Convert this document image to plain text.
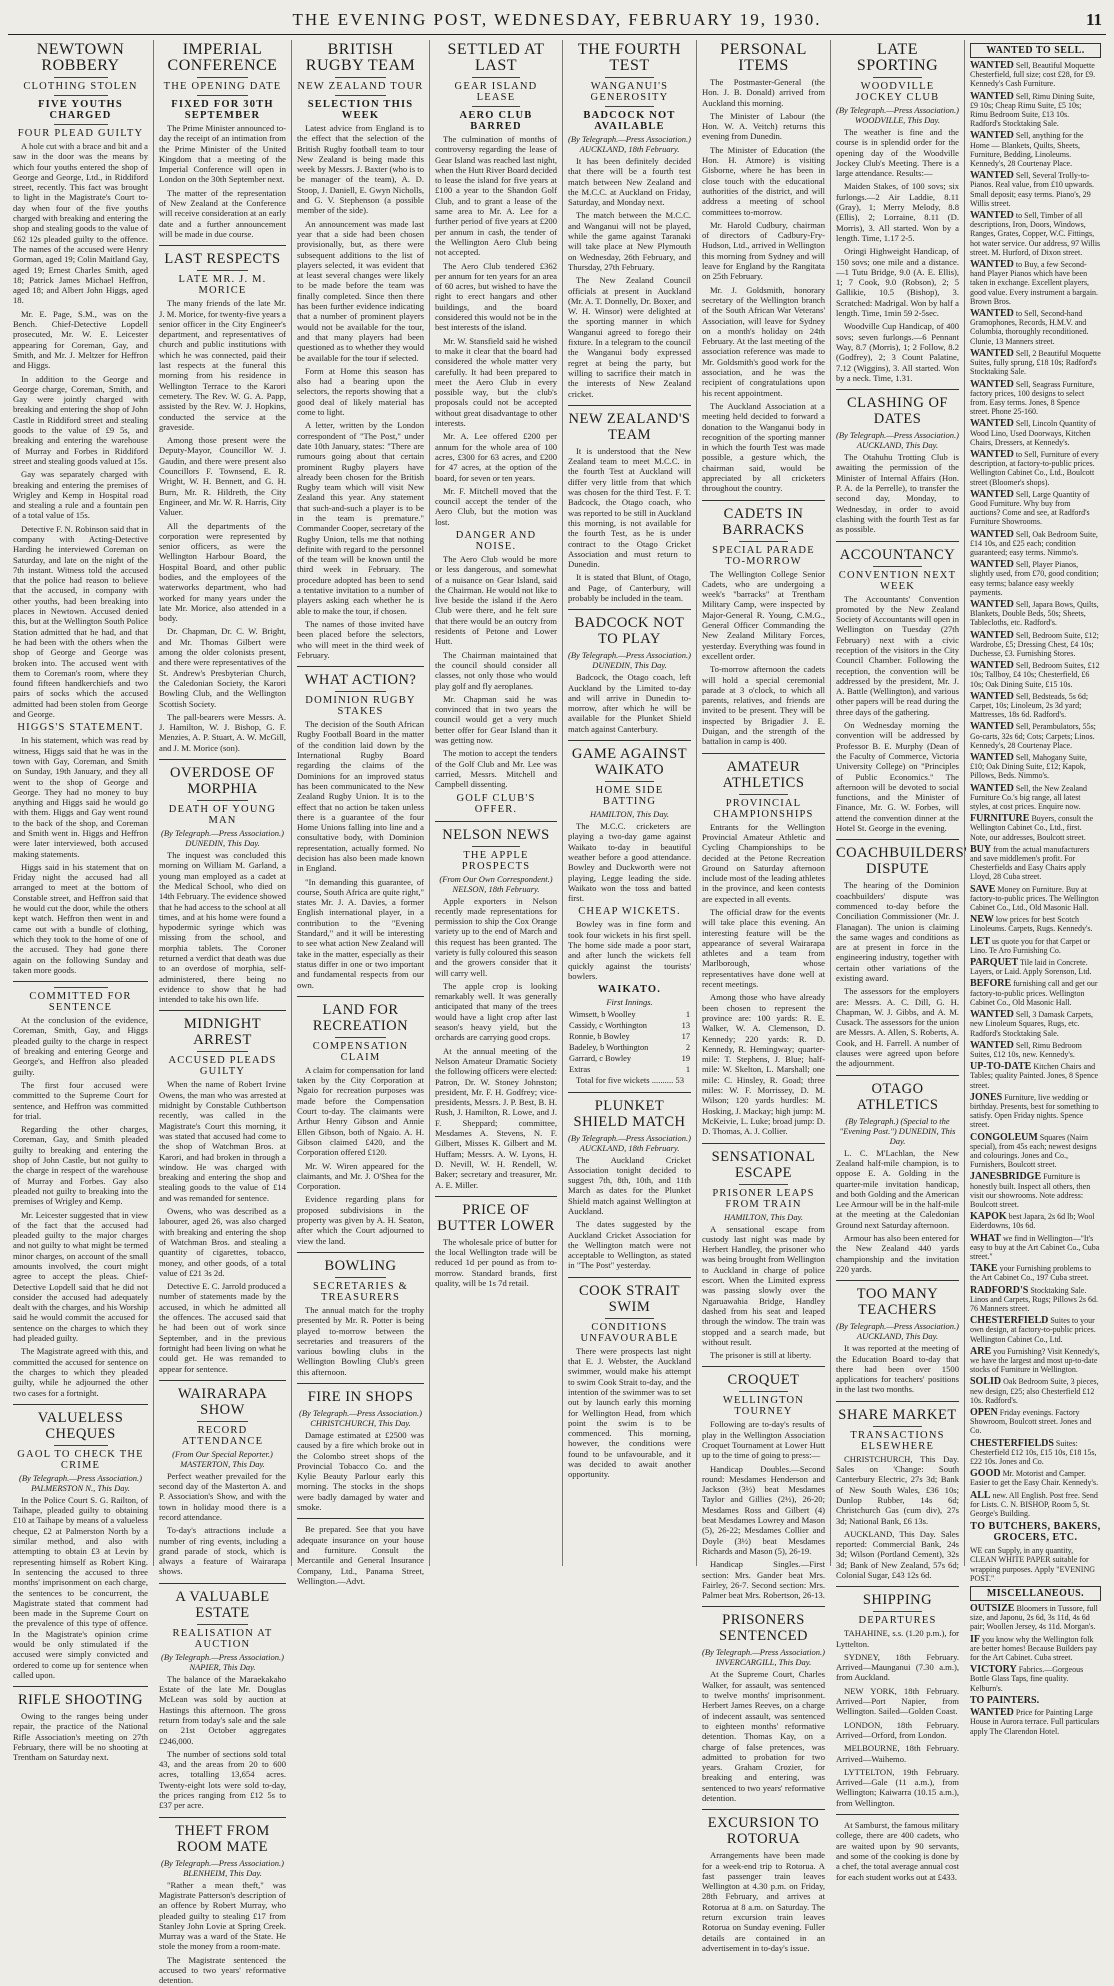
THE EVENING POST, WEDNESDAY, FEBRUARY 19, 1930.	11
NEWTOWN ROBBERY
CLOTHING STOLEN
FIVE YOUTHS CHARGED
FOUR PLEAD GUILTY

A hole cut with a brace and bit and a saw in the door was the means by which four youths entered the shop of George and George, Ltd., in Riddiford street, recently. This fact was brought to light in the Magistrate's Court to-day when four of the five youths charged with breaking and entering the shop and stealing goods to the value of £62 12s pleaded guilty to the offence. The names of the accused were Henry Gorman, aged 19; Colin Maitland Gay, aged 19; Ernest Charles Smith, aged 18; Patrick James Michael Heffron, aged 18; and Albert John Higgs, aged 18.

Mr. E. Page, S.M., was on the Bench. Chief-Detective Lopdell prosecuted, Mr. W. E. Leicester appearing for Coreman, Gay, and Smith, and Mr. J. Meltzer for Heffron and Higgs.

In addition to the George and George charge, Coreman, Smith, and Gay were jointly charged with breaking and entering the shop of John Castle in Riddiford street and stealing goods to the value of £9 5s, and breaking and entering the warehouse of Murray and Forbes in Riddiford street and stealing goods valued at 15s.

Gay was separately charged with breaking and entering the premises of Wrigley and Kemp in Hospital road and stealing a rule and a fountain pen of a total value of 15s.

Detective F. N. Robinson said that in company with Acting-Detective Harding he interviewed Coreman on Saturday, and late on the night of the 7th instant. Witness told the accused that the police had reason to believe that the accused, in company with other youths, had been breaking into places in Newtown. Accused denied this, but at the Wellington South Police Station admitted that he had, and that he had been with the others when the shop of George and George was broken into. The accused went with them to Coreman's room, where they found fifteen handkerchiefs and two pairs of socks which the accused admitted had been stolen from George and George.

HIGGS'S STATEMENT.

In his statement, which was read by witness, Higgs said that he was in the town with Gay, Coreman, and Smith on Sunday, 19th January, and they all went to the shop of George and George. They had no money to buy anything and Higgs said he would go with them. Higgs and Gay went round to the back of the shop, and Coreman and Smith went in. Higgs and Heffron were later interviewed, both accused making statements.

Higgs said in his statement that on Friday night the accused had all arranged to meet at the bottom of Constable street, and Heffron said that he would cut the door, while the others kept watch. Heffron then went in and came out with a bundle of clothing, which they took to the home of one of the accused. They had gone there again on the following Sunday and taken more goods.

COMMITTED FOR SENTENCE

At the conclusion of the evidence, Coreman, Smith, Gay, and Higgs pleaded guilty to the charge in respect of breaking and entering George and George's, and Heffron also pleaded guilty.

The first four accused were committed to the Supreme Court for sentence, and Heffron was committed for trial.

Regarding the other charges, Coreman, Gay, and Smith pleaded guilty to breaking and entering the shop of John Castle, but not guilty to the charge in respect of the warehouse of Murray and Forbes. Gay also pleaded not guilty to breaking into the premises of Wrigley and Kemp.

Mr. Leicester suggested that in view of the fact that the accused had pleaded guilty to the major charges and not guilty to what might be termed minor charges, on account of the small amounts involved, the court might agree to accept the pleas. Chief-Detective Lopdell said that he did not consider the accused had adequately dealt with the charges, and his Worship said he would commit the accused for sentence on the charges to which they had pleaded guilty.

The Magistrate agreed with this, and committed the accused for sentence on the charges to which they pleaded guilty, while he adjourned the other two cases for a fortnight.

VALUELESS CHEQUES
GAOL TO CHECK THE CRIME
(By Telegraph.—Press Association.) PALMERSTON N., This Day.

In the Police Court S. G. Railton, of Taihape, pleaded guilty to obtaining £10 at Taihape by means of a valueless cheque, £2 at Palmerston North by a similar method, and also with attempting to obtain £3 at Levin by representing himself as Robert King. In sentencing the accused to three months' imprisonment on each charge, the sentences to be concurrent, the Magistrate stated that comment had been made in the Supreme Court on the prevalence of this type of offence. In the Magistrate's opinion crime would be only stimulated if the accused were simply convicted and ordered to come up for sentence when called upon.

RIFLE SHOOTING

Owing to the ranges being under repair, the practice of the National Rifle Association's meeting on 27th February, there will be no shooting at Trentham on Saturday next.

IMPERIAL CONFERENCE
THE OPENING DATE
FIXED FOR 30TH SEPTEMBER

The Prime Minister announced to-day the receipt of an intimation from the Prime Minister of the United Kingdom that a meeting of the Imperial Conference will open in London on the 30th September next.

The matter of the representation of New Zealand at the Conference will receive consideration at an early date and a further announcement will be made in due course.

LAST RESPECTS
LATE MR. J. M. MORICE

The many friends of the late Mr. J. M. Morice, for twenty-five years a senior officer in the City Engineer's department, and representatives of church and public institutions with which he was connected, paid their last respects at the funeral this morning from his residence in Wellington Terrace to the Karori cemetery. The Rev. W. G. A. Papp, assisted by the Rev. W. J. Hopkins, conducted the service at the graveside.

Among those present were the Deputy-Mayor, Councillor W. J. Gaudin, and there were present also Councillors F. Townsend, E. R. Wright, W. H. Bennett, and G. H. Burn, Mr. R. Hildreth, the City Engineer, and Mr. W. R. Harris, City Valuer.

All the departments of the corporation were represented by senior officers, as were the Wellington Harbour Board, the Hospital Board, and other public bodies, and the employees of the waterworks department, who had worked for many years under the late Mr. Morice, also attended in a body.

Dr. Chapman, Dr. C. W. Bright, and Mr. Thomas Gilbert were among the older colonists present, and there were representatives of the St. Andrew's Presbyterian Church, the Caledonian Society, the Karori Bowling Club, and the Wellington Scottish Society.

The pall-bearers were Messrs. A. J. Hamilton, W. J. Bishop, G. F. Menzies, A. P. Stuart, A. W. McGill, and J. M. Morice (son).

OVERDOSE OF MORPHIA
DEATH OF YOUNG MAN
(By Telegraph.—Press Association.) DUNEDIN, This Day.

The inquest was concluded this morning on William M. Garland, a young man employed as a cadet at the Medical School, who died on 14th February. The evidence showed that he had access to the school at all times, and at his home were found a hypodermic syringe which was missing from the school, and morphia tablets. The Coroner returned a verdict that death was due to an overdose of morphia, self-administered, there being no evidence to show that he had intended to take his own life.

MIDNIGHT ARREST
ACCUSED PLEADS GUILTY

When the name of Robert Irvine Owens, the man who was arrested at midnight by Constable Cuthbertson recently, was called in the Magistrate's Court this morning, it was stated that accused had come to the shop of Watchman Bros. at Karori, and had broken in through a window. He was charged with breaking and entering the shop and stealing goods to the value of £14 and was remanded for sentence.

Owens, who was described as a labourer, aged 26, was also charged with breaking and entering the shop of Watchman Bros. and stealing a quantity of cigarettes, tobacco, money, and other goods, of a total value of £21 3s 2d.

Detective E. C. Jarrold produced a number of statements made by the accused, in which he admitted all the offences. The accused said that he had been out of work since September, and in the previous fortnight had been living on what he could get. He was remanded to appear for sentence.

WAIRARAPA SHOW
RECORD ATTENDANCE
(From Our Special Reporter.) MASTERTON, This Day.

Perfect weather prevailed for the second day of the Masterton A. and P. Association's Show, and with the town in holiday mood there is a record attendance.

To-day's attractions include a number of ring events, including a grand parade of stock, which is always a feature of Wairarapa shows.

A VALUABLE ESTATE
REALISATION AT AUCTION
(By Telegraph.—Press Association.) NAPIER, This Day.

The balance of the Maraekakaho Estate of the late Mr. Douglas McLean was sold by auction at Hastings this afternoon. The gross return from today's sale and the sale on 21st October aggregates £246,000.

The number of sections sold total 43, and the areas from 20 to 600 acres, totalling 13,654 acres. Twenty-eight lots were sold to-day, the prices ranging from £12 5s to £37 per acre.

THEFT FROM ROOM MATE
(By Telegraph.—Press Association.) BLENHEIM, This Day.

"Rather a mean theft," was Magistrate Patterson's description of an offence by Robert Murray, who pleaded guilty to stealing £17 from Stanley John Lovie at Spring Creek. Murray was a ward of the State. He stole the money from a room-mate.

The Magistrate sentenced the accused to two years' reformative detention.

BRITISH RUGBY TEAM
NEW ZEALAND TOUR
SELECTION THIS WEEK

Latest advice from England is to the effect that the selection of the British Rugby football team to tour New Zealand is being made this week by Messrs. J. Baxter (who is to be manager of the team), A. D. Stoop, J. Daniell, E. Gwyn Nicholls, and G. V. Stephenson (a possible member of the side).

An announcement was made last year that a side had been chosen provisionally, but, as there were subsequent additions to the list of players selected, it was evident that at least several changes were likely to be made before the team was finally completed. Since then there has been further evidence indicating that a number of prominent players would not be available for the tour, and that many players had been questioned as to whether they would be available for the tour if selected.

Form at Home this season has also had a bearing upon the selectors, the reports showing that a good deal of likely material has come to light.

A letter, written by the London correspondent of "The Post," under date 10th January, states: "There are rumours going about that certain prominent Rugby players have already been chosen for the British Rugby team which will visit New Zealand this year. Any statement that such-and-such a player is to be in the team is premature." Commander Cooper, secretary of the Rugby Union, tells me that nothing definite with regard to the personnel of the team will be known until the third week in February. The procedure adopted has been to send a tentative invitation to a number of players asking each whether he is able to make the tour, if chosen.

The names of those invited have been placed before the selectors, who will meet in the third week of February.

WHAT ACTION?
DOMINION RUGBY STAKES

The decision of the South African Rugby Football Board in the matter of the condition laid down by the International Rugby Board regarding the claims of the Dominions for an improved status has been communicated to the New Zealand Rugby Union. It is to the effect that no action be taken unless there is a guarantee of the four Home Unions falling into line and a consultative body, with Dominion representation, actually formed. No decision has also been made known in England.

"In demanding this guarantee, of course, South Africa are quite right," states Mr. J. A. Davies, a former English international player, in a contribution to the "Evening Standard," and it will be interesting to see what action New Zealand will take in the matter, especially as their status differ in one or two important and fundamental respects from our own.

LAND FOR RECREATION
COMPENSATION CLAIM

A claim for compensation for land taken by the City Corporation at Ngaio for recreation purposes was made before the Compensation Court to-day. The claimants were Arthur Henry Gibson and Annie Ellen Gibson, both of Ngaio. A. H. Gibson claimed £420, and the Corporation offered £120.

Mr. W. Wiren appeared for the claimants, and Mr. J. O'Shea for the Corporation.

Evidence regarding plans for proposed subdivisions in the property was given by A. H. Seaton, after which the Court adjourned to view the land.

BOWLING
SECRETARIES & TREASURERS

The annual match for the trophy presented by Mr. R. Potter is being played to-morrow between the secretaries and treasurers of the various bowling clubs in the Wellington Bowling Club's green this afternoon.

FIRE IN SHOPS
(By Telegraph.—Press Association.) CHRISTCHURCH, This Day.

Damage estimated at £2500 was caused by a fire which broke out in the Colombo street shops of the Provincial Tobacco Co. and the Kylie Beauty Parlour early this morning. The stocks in the shops were badly damaged by water and smoke.

Be prepared. See that you have adequate insurance on your house and furniture. Consult the Mercantile and General Insurance Company, Ltd., Panama Street, Wellington.—Advt.

SETTLED AT LAST
GEAR ISLAND LEASE
AERO CLUB BARRED

The culmination of months of controversy regarding the lease of Gear Island was reached last night, when the Hutt River Board decided to lease the island for five years at £100 a year to the Shandon Golf Club, and to grant a lease of the same area to Mr. A. Lee for a further period of five years at £200 per annum in cash, the tender of the Wellington Aero Club being not accepted.

The Aero Club tendered £362 per annum for ten years for an area of 60 acres, but wished to have the right to erect hangars and other buildings, and the board considered this would not be in the best interests of the island.

Mr. W. Stansfield said he wished to make it clear that the board had considered the whole matter very carefully. It had been prepared to meet the Aero Club in every possible way, but the club's proposals could not be accepted without great disadvantage to other interests.

Mr. A. Lee offered £200 per annum for the whole area of 100 acres, £300 for 63 acres, and £200 for 47 acres, at the option of the board, for seven or ten years.

Mr. F. Mitchell moved that the council accept the tender of the Aero Club, but the motion was lost.

DANGER AND NOISE.

The Aero Club would be more or less dangerous, and somewhat of a nuisance on Gear Island, said the Chairman. He would not like to live beside the island if the Aero Club were there, and he felt sure that there would be an outcry from residents of Petone and Lower Hutt.

The Chairman maintained that the council should consider all classes, not only those who would play golf and fly aeroplanes.

Mr. Chapman said he was convinced that in two years the council would get a very much better offer for Gear Island than it was getting now.

The motion to accept the tenders of the Golf Club and Mr. Lee was carried, Messrs. Mitchell and Campbell dissenting.

GOLF CLUB'S OFFER.

NELSON NEWS
THE APPLE PROSPECTS
(From Our Own Correspondent.) NELSON, 18th February.

Apple exporters in Nelson recently made representations for permission to ship the Cox Orange variety up to the end of March and this request has been granted. The variety is fully coloured this season and the growers consider that it will carry well.

The apple crop is looking remarkably well. It was generally anticipated that many of the trees would have a light crop after last season's heavy yield, but the orchards are carrying good crops.

At the annual meeting of the Nelson Amateur Dramatic Society the following officers were elected: Patron, Dr. W. Stoney Johnston; president, Mr. F. H. Godfrey; vice-presidents, Messrs. J. P. Best, B. H. Rush, J. Hamilton, R. Lowe, and J. F. Sheppard; committee, Mesdames A. Stevens, N. F. Gilbert, Misses K. Gilbert and M. Huffam; Messrs. A. W. Lyons, H. D. Nevill, W. H. Rendell, W. Baker; secretary and treasurer, Mr. A. E. Miller.

PRICE OF BUTTER LOWER

The wholesale price of butter for the local Wellington trade will be reduced 1d per pound as from to-morrow. Standard brands, first quality, will be 1s 7d retail.

THE FOURTH TEST
WANGANUI'S GENEROSITY
BADCOCK NOT AVAILABLE
(By Telegraph.—Press Association.) AUCKLAND, 18th February.

It has been definitely decided that there will be a fourth test match between New Zealand and the M.C.C. at Auckland on Friday, Saturday, and Monday next.

The match between the M.C.C. and Wanganui will not be played, while the game against Taranaki will take place at New Plymouth on Wednesday, 26th February, and Thursday, 27th February.

The New Zealand Council officials at present in Auckland (Mr. A. T. Donnelly, Dr. Boxer, and W. H. Winsor) were delighted at the sporting manner in which Wanganui agreed to forego their fixture. In a telegram to the council the Wanganui body expressed regret at being the party, but willing to sacrifice their match in the interests of New Zealand cricket.

NEW ZEALAND'S TEAM

It is understood that the New Zealand team to meet M.C.C. in the fourth Test at Auckland will differ very little from that which was chosen for the third Test. F. T. Badcock, the Otago coach, who was reported to be still in Auckland this morning, is not available for the fourth Test, as he is under contract to the Otago Cricket Association and must return to Dunedin.

It is stated that Blunt, of Otago, and Page, of Canterbury, will probably be included in the team.

BADCOCK NOT TO PLAY
(By Telegraph.—Press Association.) DUNEDIN, This Day.

Badcock, the Otago coach, left Auckland by the Limited to-day and will arrive in Dunedin to-morrow, after which he will be available for the Plunket Shield match against Canterbury.

GAME AGAINST WAIKATO
HOME SIDE BATTING
HAMILTON, This Day.

The M.C.C. cricketers are playing a two-day game against Waikato to-day in beautiful weather before a good attendance. Bowley and Duckworth were not playing, Legge leading the side. Waikato won the toss and batted first.

CHEAP WICKETS.

Bowley was in fine form and took four wickets in his first spell. The home side made a poor start, and after lunch the wickets fell quickly against the tourists' bowlers.

WAIKATO.
First Innings.
Wimsett, b Woolley	1
Cassidy, c Worthington	13
Ronnie, b Bowley	17
Badeley, b Worthington	2
Garrard, c Bowley	19
Extras	1
Total for five wickets .......... 53
PLUNKET SHIELD MATCH
(By Telegraph.—Press Association.) AUCKLAND, 18th February.

The Auckland Cricket Association tonight decided to suggest 7th, 8th, 10th, and 11th March as dates for the Plunket Shield match against Wellington at Auckland.

The dates suggested by the Auckland Cricket Association for the Wellington match were not acceptable to Wellington, as stated in "The Post" yesterday.

COOK STRAIT SWIM
CONDITIONS UNFAVOURABLE

There were prospects last night that E. J. Webster, the Auckland swimmer, would make his attempt to swim Cook Strait to-day, and the intention of the swimmer was to set out by launch early this morning for Wellington Head, from which point the swim is to be commenced. This morning, however, the conditions were found to be unfavourable, and it was decided to await another opportunity.

PERSONAL ITEMS

The Postmaster-General (the Hon. J. B. Donald) arrived from Auckland this morning.

The Minister of Labour (the Hon. W. A. Veitch) returns this evening from Dunedin.

The Minister of Education (the Hon. H. Atmore) is visiting Gisborne, where he has been in close touch with the educational authorities of the district, and will address a meeting of school committees to-morrow.

Mr. Harold Cudbury, chairman of directors of Cadbury-Fry-Hudson, Ltd., arrived in Wellington this morning from Sydney and will leave for England by the Rangitata on 25th February.

Mr. J. Goldsmith, honorary secretary of the Wellington branch of the South African War Veterans' Association, will leave for Sydney on a month's holiday on 24th February. At the last meeting of the association reference was made to Mr. Goldsmith's good work for the association, and he was the recipient of congratulations upon his recent appointment.

The Auckland Association at a meeting held decided to forward a donation to the Wanganui body in recognition of the sporting manner in which the fourth Test was made possible, a gesture which, the chairman said, would be appreciated by all cricketers throughout the country.

CADETS IN BARRACKS
SPECIAL PARADE TO-MORROW

The Wellington College Senior Cadets, who are undergoing a week's "barracks" at Trentham Military Camp, were inspected by Major-General R. Young, C.M.G., General Officer Commanding the New Zealand Military Forces, yesterday. Everything was found in excellent order.

To-morrow afternoon the cadets will hold a special ceremonial parade at 3 o'clock, to which all parents, relatives, and friends are invited to be present. They will be inspected by Brigadier J. E. Duigan, and the strength of the battalion in camp is 400.

AMATEUR ATHLETICS
PROVINCIAL CHAMPIONSHIPS

Entrants for the Wellington Provincial Amateur Athletic and Cycling Championships to be decided at the Petone Recreation Ground on Saturday afternoon include most of the leading athletes in the province, and keen contests are expected in all events.

The official draw for the events will take place this evening. An interesting feature will be the appearance of several Wairarapa athletes and a team from Marlborough, whose representatives have done well at recent meetings.

Among those who have already been chosen to represent the province are: 100 yards: R. E. Walker, W. A. Clemenson, D. Kennedy; 220 yards: R. D. Kennedy, R. Hemingway; quarter-mile: T. Stephens, J. Blue; half-mile: W. Skelton, L. Marshall; one mile: C. Hinsley, R. Goad; three miles: W. F. Morrissey, D. M. Wilson; 120 yards hurdles: M. Hosking, J. Mackay; high jump: M. McKeivie, L. Luke; broad jump: D. D. Thomas, A. J. Collier.

SENSATIONAL ESCAPE
PRISONER LEAPS FROM TRAIN
HAMILTON, This Day.

A sensational escape from custody last night was made by Herbert Handley, the prisoner who was being brought from Wellington to Auckland in charge of police escort. When the Limited express was passing slowly over the Ngaruawahia Bridge, Handley dashed from his seat and leaped through the window. The train was stopped and a search made, but without result.

The prisoner is still at liberty.

CROQUET
WELLINGTON TOURNEY

Following are to-day's results of play in the Wellington Association Croquet Tournament at Lower Hutt up to the time of going to press:—

Handicap Doubles.—Second round: Mesdames Henderson and Jackson (3½) beat Mesdames Taylor and Gillies (2½), 26-20; Mesdames Ross and Gilbert (4) beat Mesdames Lowrey and Mason (5), 26-22; Mesdames Collier and Doyle (3½) beat Mesdames Richards and Mason (5), 26-19.

Handicap Singles.—First section: Mrs. Gander beat Mrs. Fairley, 26-7. Second section: Mrs. Palmer beat Mrs. Robertson, 26-13.

PRISONERS SENTENCED
(By Telegraph.—Press Association.) INVERCARGILL, This Day.

At the Supreme Court, Charles Walker, for assault, was sentenced to twelve months' imprisonment. Herbert James Reeves, on a charge of indecent assault, was sentenced to eighteen months' reformative detention. Thomas Kay, on a charge of false pretences, was admitted to probation for two years. Graham Crozier, for breaking and entering, was sentenced to two years' reformative detention.

EXCURSION TO ROTORUA

Arrangements have been made for a week-end trip to Rotorua. A fast passenger train leaves Wellington at 4.30 p.m. on Friday, 28th February, and arrives at Rotorua at 8 a.m. on Saturday. The return excursion train leaves Rotorua on Sunday evening. Fuller details are contained in an advertisement in to-day's issue.

LATE SPORTING
WOODVILLE JOCKEY CLUB
(By Telegraph.—Press Association.) WOODVILLE, This Day.

The weather is fine and the course is in splendid order for the opening day of the Woodville Jockey Club's Meeting. There is a large attendance. Results:—

Maiden Stakes, of 100 sovs; six furlongs.—2 Air Laddie, 8.11 (Gray), 1; Merry Melody, 8.8 (Ellis), 2; Lorraine, 8.11 (D. Morris), 3. All started. Won by a length. Time, 1.17 2-5.

Oringi Highweight Handicap, of 150 sovs; one mile and a distance.—1 Tutu Bridge, 9.0 (A. E. Ellis), 1; 7 Cook, 9.0 (Robson), 2; 5 Gallikie, 10.5 (Bishop), 3. Scratched: Madrigal. Won by half a length. Time, 1min 59 2-5sec.

Woodville Cup Handicap, of 400 sovs; seven furlongs.—6 Pennant Way, 8.7 (Morris), 1; 2 Follow, 8.2 (Godfrey), 2; 3 Count Palatine, 7.12 (Wiggins), 3. All started. Won by a neck. Time, 1.31.

CLASHING OF DATES
(By Telegraph.—Press Association.) AUCKLAND, This Day.

The Otahuhu Trotting Club is awaiting the permission of the Minister of Internal Affairs (Hon. P. A. de la Perrelle), to transfer the second day, Monday, to Wednesday, in order to avoid clashing with the fourth Test as far as possible.

ACCOUNTANCY
CONVENTION NEXT WEEK

The Accountants' Convention promoted by the New Zealand Society of Accountants will open in Wellington on Tuesday (27th February) next with a civic reception of the visitors in the City Council Chamber. Following the reception, the convention will be addressed by the president, Mr. J. A. Battle (Wellington), and various other papers will be read during the three days of the gathering.

On Wednesday morning the convention will be addressed by Professor B. E. Murphy (Dean of the Faculty of Commerce, Victoria University College) on "Principles of Public Economics." The afternoon will be devoted to social functions, and the Minister of Finance, Mr. G. W. Forbes, will attend the convention dinner at the Hotel St. George in the evening.

COACHBUILDERS' DISPUTE

The hearing of the Dominion coachbuilders' dispute was commenced to-day before the Conciliation Commissioner (Mr. J. Flanagan). The union is claiming the same wages and conditions as are at present in force in the engineering industry, together with certain other variations of the existing award.

The assessors for the employers are: Messrs. A. C. Dill, G. H. Chapman, W. J. Gibbs, and A. M. Cusack. The assessors for the union are Messrs. A. Allen, S. Roberts, A. Cook, and H. Farrell. A number of clauses were agreed upon before the adjournment.

OTAGO ATHLETICS
(By Telegraph.) (Special to the "Evening Post.") DUNEDIN, This Day.

L. C. M'Lachlan, the New Zealand half-mile champion, is to oppose E. A. Golding in the quarter-mile invitation handicap, and both Golding and the American Lee Armour will be in the half-mile at the meeting at the Caledonian Ground next Saturday afternoon.

Armour has also been entered for the New Zealand 440 yards championship and the invitation 220 yards.

TOO MANY TEACHERS
(By Telegraph.—Press Association.) AUCKLAND, This Day.

It was reported at the meeting of the Education Board to-day that there had been over 1500 applications for teachers' positions in the last two months.

SHARE MARKET
TRANSACTIONS ELSEWHERE

CHRISTCHURCH, This Day. Sales on 'Change: South Canterbury Electric, 27s 3d; Bank of New South Wales, £36 10s; Dunlop Rubber, 14s 6d; Christchurch Gas (cum div), 27s 3d; National Bank, £6 13s.

AUCKLAND, This Day. Sales reported: Commercial Bank, 24s 3d; Wilson (Portland Cement), 32s 3d; Bank of New Zealand, 57s 6d; Colonial Sugar, £43 12s 6d.

SHIPPING
DEPARTURES

TAHAHINE, s.s. (1.20 p.m.), for Lyttelton.

SYDNEY, 18th February. Arrived—Maunganui (7.30 a.m.), from Auckland.

NEW YORK, 18th February. Arrived—Port Napier, from Wellington. Sailed—Golden Coast.

LONDON, 18th February. Arrived—Orford, from London.

MELBOURNE, 18th February. Arrived—Waihemo.

LYTTELTON, 19th February. Arrived—Gale (11 a.m.), from Wellington; Kaiwarra (10.15 a.m.), from Wellington.

At Samburst, the famous military college, there are 400 cadets, who are waited upon by 90 servants, and some of the cooking is done by a chef, the total average annual cost for each student works out at £433.

WANTED TO SELL.

WANTED Sell, Beautiful Moquette Chesterfield, full size; cost £28, for £9. Kennedy's Cash Furniture.

WANTED Sell, Rimu Dining Suite, £9 10s; Cheap Rimu Suite, £5 10s; Rimu Bedroom Suite, £13 10s. Radford's Stocktaking Sale.

WANTED Sell, anything for the Home — Blankets, Quilts, Sheets, Furniture, Bedding, Linoleums. Kennedy's, 28 Courtenay Place.

WANTED Sell, Several Trolly-to-Pianos. Real value, from £10 upwards. Small deposit; easy terms. Piano's, 29 Willis street.

WANTED to Sell, Timber of all descriptions, Iron, Doors, Windows, Ranges, Grates, Copper, W.C. Fittings, hot water service. Our address, 97 Willis street. M. Hurford, of Dixon street.

WANTED to Buy, a few Second-hand Player Pianos which have been taken in exchange. Excellent players, good value. Every instrument a bargain. Brown Bros.

WANTED to Sell, Second-hand Gramophones, Records, H.M.V. and Columbia, thoroughly reconditioned. Clunie, 13 Manners street.

WANTED Sell, 2 Beautiful Moquette Suites, fully sprung, £18 10s; Radford's Stocktaking Sale.

WANTED Sell, Seagrass Furniture, factory prices, 100 designs to select from. Easy terms. Jones, 8 Spence street. Phone 25-160.

WANTED Sell, Lincoln Quantity of Wood Lino, Used Doorways, Kitchen Chairs, Dressers, at Kennedy's.

WANTED to Sell, Furniture of every description, at factory-to-public prices. Wellington Cabinet Co., Ltd., Boulcott street (Bloomer's shops).

WANTED Sell, Large Quantity of Good Furniture. Why buy from auctions? Come and see, at Radford's Furniture Showrooms.

WANTED Sell, Oak Bedroom Suite, £14 10s, and £25 each; condition guaranteed; easy terms. Nimmo's.

WANTED Sell, Player Pianos, slightly used, from £70, good condition; easy terms; balance easy weekly payments.

WANTED Sell, Japara Bows, Quilts, Blankets, Double Beds, 50s; Sheets, Tablecloths, etc. Radford's.

WANTED Sell, Bedroom Suite, £12; Wardrobe, £5; Dressing Chest, £4 10s; Duchesse, £3. Furnishing Stores.

WANTED Sell, Bedroom Suites, £12 10s; Tallboy, £4 10s; Chesterfield, £6 10s; Oak Dining Suite, £15 10s.

WANTED Sell, Bedsteads, 5s 6d; Carpet, 10s; Linoleum, 2s 3d yard; Mattresses, 18s 6d. Radford's.

WANTED Sell, Perambulators, 55s; Go-carts, 32s 6d; Cots; Carpets; Linos. Kennedy's, 28 Courtenay Place.

WANTED Sell, Mahogany Suite, £10; Oak Dining Suite, £12; Kapok, Pillows, Beds. Nimmo's.

WANTED Sell, the New Zealand Furniture Co.'s big range, all latest styles, at cost prices. Enquire now.

FURNITURE Buyers, consult the Wellington Cabinet Co., Ltd., first. Note, our addresses, Boulcott street.

BUY from the actual manufacturers and save middlemen's profit. For Chesterfields and Easy Chairs apply Lloyd, 28 Cuba street.

SAVE Money on Furniture. Buy at factory-to-public prices. The Wellington Cabinet Co., Ltd., Old Masonic Hall.

NEW low prices for best Scotch Linoleums. Carpets, Rugs. Kennedy's.

LET us quote you for that Carpet or Lino. Te Aro Furnishing Co.

PARQUET Tile laid in Concrete. Layers, or Laid. Apply Sorenson, Ltd.

BEFORE furnishing call and get our factory-to-public prices. Wellington Cabinet Co., Old Masonic Hall.

WANTED Sell, 3 Damask Carpets, new Linoleum Squares, Rugs, etc. Radford's Stocktaking Sale.

WANTED Sell, Rimu Bedroom Suites, £12 10s, new. Kennedy's.

UP-TO-DATE Kitchen Chairs and Tables; quality Painted. Jones, 8 Spence street.

JONES Furniture, live wedding or birthday. Presents, best for something to satisfy. Open Friday nights. Spence street.

CONGOLEUM Squares (Nairn special), from 45s each; newest designs and colourings. Jones and Co., Furnishers, Boulcott street.

JANESBRIDGE Furniture is honestly built. Inspect all others, then visit our showrooms. Note address: Boulcott street.

KAPOK best Japara, 2s 6d lb; Wool Eiderdowns, 10s 6d.

WHAT we find in Wellington—"It's easy to buy at the Art Cabinet Co., Cuba street."

TAKE your Furnishing problems to the Art Cabinet Co., 197 Cuba street.

RADFORD'S Stocktaking Sale. Linos and Carpets, Rugs; Pillows 2s 6d. 76 Manners street.

CHESTERFIELD Suites to your own design, at factory-to-public prices. Wellington Cabinet Co., Ltd.

ARE you Furnishing? Visit Kennedy's, we have the largest and most up-to-date stocks of Furniture in Wellington.

SOLID Oak Bedroom Suite, 3 pieces, new design, £25; also Chesterfield £12 10s. Radford's.

OPEN Friday evenings. Factory Showroom, Boulcott street. Jones and Co.

CHESTERFIELDS Suites: Chesterfield £12 10s, £15 10s, £18 15s, £22 10s. Jones and Co.

GOOD Mr. Motorist and Camper. Easier to get the Easy Chair. Kennedy's.

ALL new. All English. Post free. Send for Lists. C. N. BISHOP, Room 5, St. George's Building.

TO BUTCHERS, BAKERS, GROCERS, ETC.
WE can Supply, in any quantity, CLEAN WHITE PAPER suitable for wrapping purposes. Apply "EVENING POST."
MISCELLANEOUS.

OUTSIZE Bloomers in Tussore, full size, and Japonu, 2s 6d, 3s 11d, 4s 6d pair; Woollen Jersey, 4s 11d. Morgan's.

IF you know why the Wellington folk are better homes! Because Builders pay for the Art Cabinet. Cuba street.

VICTORY Fabrics.—Gorgeous Bottle Glass Taps, fine quality. Kelburn's.

TO PAINTERS.

WANTED Price for Painting Large House in Aurora terrace. Full particulars apply The Clarendon Hotel.
